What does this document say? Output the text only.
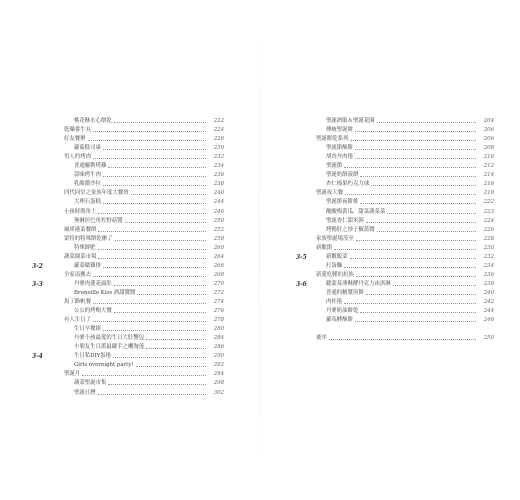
桃花酥水心餅乾	222
乾燥番牛丸	224
好友餐聚	226
蘿蔔糕司康	230
男人的烤肉	232
普通羅勒烤雞	234
蒜味烤牛肉	236
乳酪濃沙拉	238
四代同堂之家族年度大餐會	240
大理石蛋糕	244
小孩時期角土	246
無淋拉巴角佐野菇醬	250
風車港菜餐餅	252
蒙特的特殊餅乾辦了	258
特殊鮮肥	260
蔬菜園菜市場	264
蘿菜燉雞排	266
全家南搬去	268
丹麥肉蓮花頭肚	270
Brunoille Kiss 酒甜醬醬	272
馬丁路帆餐	274
公公的烤鴨大餐	276
有人生日了	278
生日早餐組	280
丹麥小孩最愛的生日大肚響包	284
小朋友生日派最鍵手之機淘蓬	286
生日私DIY蛋捲	290
Girls overnight party!	292
聖誕月	294
蔬菜聖誕市集	298
聖誕日曆	302
3-2
3-3
3-4
聖誕酒服＆聖誕花圈	204
傳統聖誕餅	206
聖誕餅乾系列	206
聖誕節酥餅	208
胡杏丹肉捲	210
聖誕節	212
聖誕奶餅菠餅	214
杏仁榛果朽克力球	216
聖誕夜大餐	218
聖誕節夜餅排	222
酸酸梅黃瓜．甜菜蔬菜菜	223
聖誕杏仁甜米粥	224
烤鴨肝之炒子椒蓋醬	226
家族聖誕場茂至	228
新數節	230
新數飯菜	232
打蛋麵	234
新愛吃腫的抗族	236
聽蒙莓薄酥酵丹克力冰淇淋	238
普通的糖漿煎餅	240
肉桂捲	242
丹麥奶油餅乾	244
蘿莓酵酥餅	246
後序	250
3-5
3-6
